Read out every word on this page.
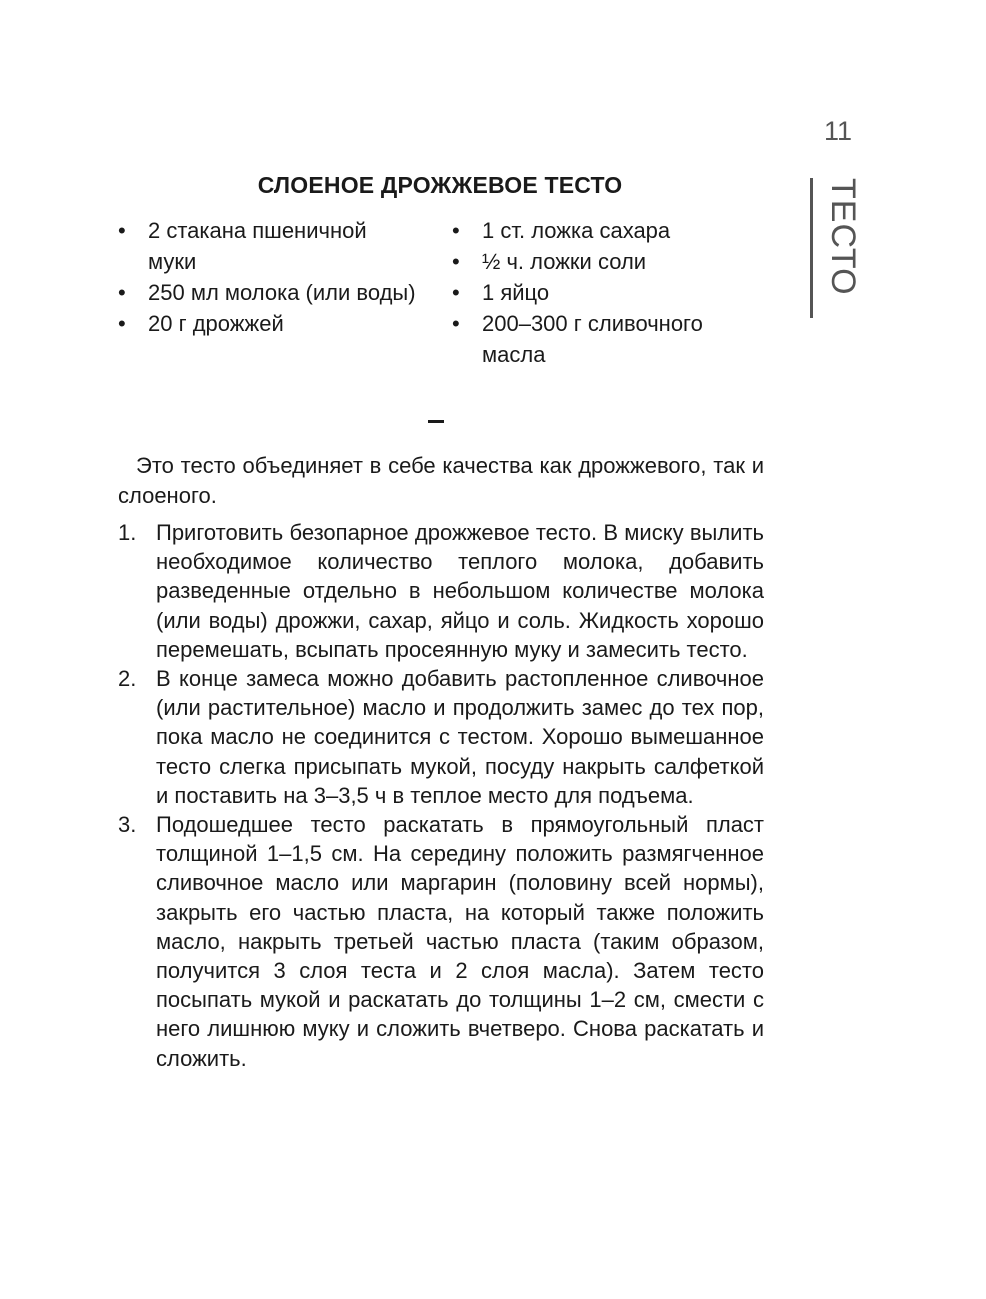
11
ТЕСТО
СЛОЕНОЕ ДРОЖЖЕВОЕ ТЕСТО
• 2 стакана пшеничной муки
• 250 мл молока (или воды)
• 20 г дрожжей
• 1 ст. ложка сахара
• ½ ч. ложки соли
• 1 яйцо
• 200–300 г сливочного масла

Это тесто объединяет в себе качества как дрожжевого, так и слоеного.

1. Приготовить безопарное дрожжевое тесто. В миску вылить необходимое количество теплого молока, добавить разведенные отдельно в небольшом количестве молока (или воды) дрожжи, сахар, яйцо и соль. Жидкость хорошо перемешать, всыпать просеянную муку и замесить тесто.
2. В конце замеса можно добавить растопленное сливочное (или растительное) масло и продолжить замес до тех пор, пока масло не соединится с тестом. Хорошо вымешанное тесто слегка присыпать мукой, посуду накрыть салфеткой и поставить на 3–3,5 ч в теплое место для подъема.
3. Подошедшее тесто раскатать в прямоугольный пласт толщиной 1–1,5 см. На середину положить размягченное сливочное масло или маргарин (половину всей нормы), закрыть его частью пласта, на который также положить масло, накрыть третьей частью пласта (таким образом, получится 3 слоя теста и 2 слоя масла). Затем тесто посыпать мукой и раскатать до толщины 1–2 см, смести с него лишнюю муку и сложить вчетверо. Снова раскатать и сложить.
